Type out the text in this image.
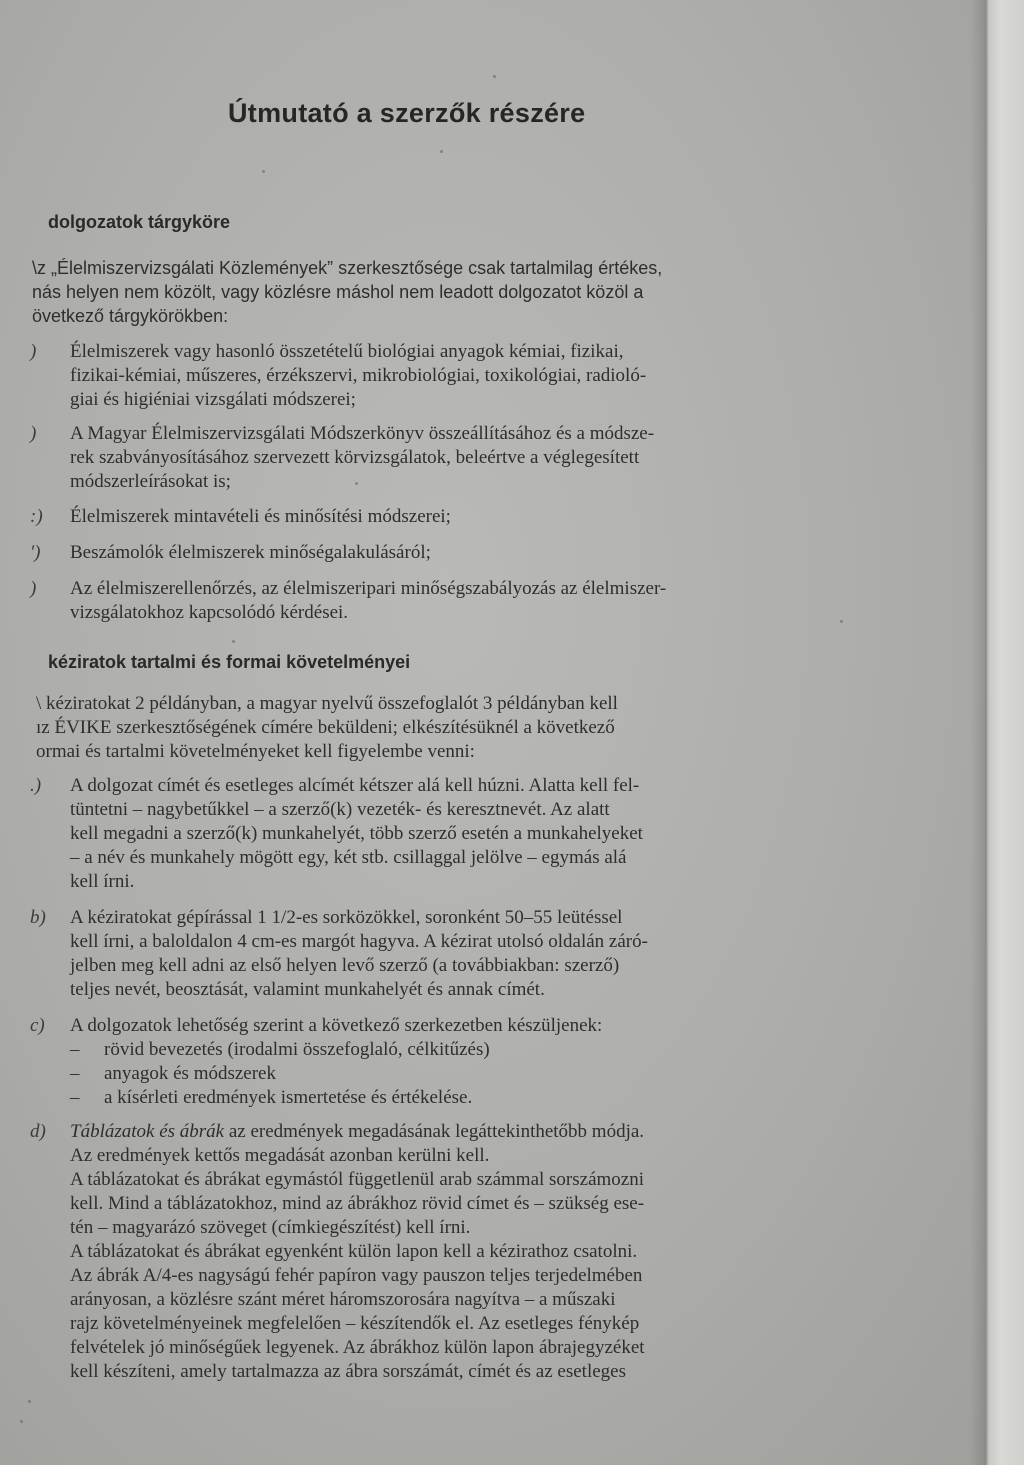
Útmutató a szerzők részére
dolgozatok tárgyköre

\z „Élelmiszervizsgálati Közlemények” szerkesztősége csak tartalmilag értékes,
nás helyen nem közölt, vagy közlésre máshol nem leadott dolgozatot közöl a
övetkező tárgykörökben:

) Élelmiszerek vagy hasonló összetételű biológiai anyagok kémiai, fizikai,
fizikai-kémiai, műszeres, érzékszervi, mikrobiológiai, toxikológiai, radioló-
giai és higiéniai vizsgálati módszerei;

) A Magyar Élelmiszervizsgálati Módszerkönyv összeállításához és a módsze-
rek szabványosításához szervezett körvizsgálatok, beleértve a véglegesített
módszerleírásokat is;

:) Élelmiszerek mintavételi és minősítési módszerei;

') Beszámolók élelmiszerek minőségalakulásáról;

) Az élelmiszerellenőrzés, az élelmiszeripari minőségszabályozás az élelmiszer-
vizsgálatokhoz kapcsolódó kérdései.

kéziratok tartalmi és formai követelményei

\ kéziratokat 2 példányban, a magyar nyelvű összefoglalót 3 példányban kell
ız ÉVIKE szerkesztőségének címére beküldeni; elkészítésüknél a következő
ormai és tartalmi követelményeket kell figyelembe venni:

.) A dolgozat címét és esetleges alcímét kétszer alá kell húzni. Alatta kell fel-
tüntetni – nagybetűkkel – a szerző(k) vezeték- és keresztnevét. Az alatt
kell megadni a szerző(k) munkahelyét, több szerző esetén a munkahelyeket
– a név és munkahely mögött egy, két stb. csillaggal jelölve – egymás alá
kell írni.

b) A kéziratokat gépírással 1 1/2-es sorközökkel, soronként 50–55 leütéssel
kell írni, a baloldalon 4 cm-es margót hagyva. A kézirat utolsó oldalán záró-
jelben meg kell adni az első helyen levő szerző (a továbbiakban: szerző)
teljes nevét, beosztását, valamint munkahelyét és annak címét.

c) A dolgozatok lehetőség szerint a következő szerkezetben készüljenek:
– rövid bevezetés (irodalmi összefoglaló, célkitűzés)
– anyagok és módszerek
– a kísérleti eredmények ismertetése és értékelése.

d) Táblázatok és ábrák az eredmények megadásának legáttekinthetőbb módja.
Az eredmények kettős megadását azonban kerülni kell.
A táblázatokat és ábrákat egymástól függetlenül arab számmal sorszámozni
kell. Mind a táblázatokhoz, mind az ábrákhoz rövid címet és – szükség ese-
tén – magyarázó szöveget (címkiegészítést) kell írni.
A táblázatokat és ábrákat egyenként külön lapon kell a kézirathoz csatolni.
Az ábrák A/4-es nagyságú fehér papíron vagy pauszon teljes terjedelmében
arányosan, a közlésre szánt méret háromszorosára nagyítva – a műszaki
rajz követelményeinek megfelelően – készítendők el. Az esetleges fénykép
felvételek jó minőségűek legyenek. Az ábrákhoz külön lapon ábrajegyzéket
kell készíteni, amely tartalmazza az ábra sorszámát, címét és az esetleges
